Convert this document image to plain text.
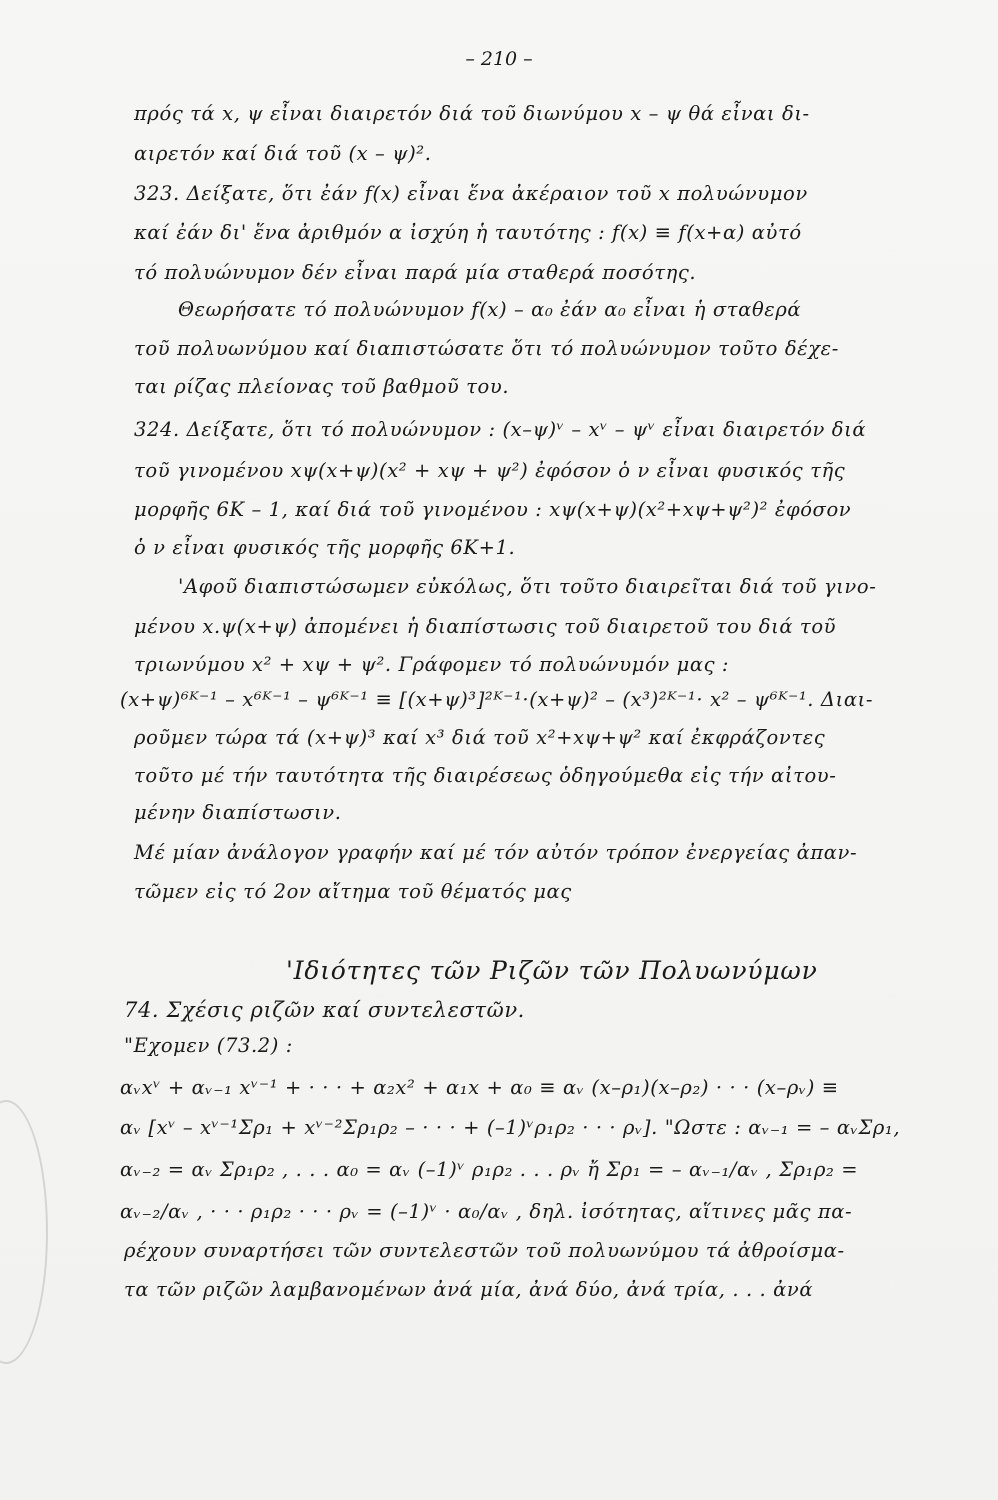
– 210 –
πρός τά x, ψ εἶναι διαιρετόν διά τοῦ διωνύμου x – ψ θά εἶναι δι-
αιρετόν καί διά τοῦ (x – ψ)².
323. Δείξατε, ὅτι ἐάν f(x) εἶναι ἕνα ἀκέραιον τοῦ x πολυώνυμον
καί ἐάν δι' ἕνα ἀριθμόν α ἰσχύη ἡ ταυτότης : f(x) ≡ f(x+α) αὐτό
τό πολυώνυμον δέν εἶναι παρά μία σταθερά ποσότης.
Θεωρήσατε τό πολυώνυμον f(x) – α₀ ἐάν α₀ εἶναι ἡ σταθερά
τοῦ πολυωνύμου καί διαπιστώσατε ὅτι τό πολυώνυμον τοῦτο δέχε-
ται ρίζας πλείονας τοῦ βαθμοῦ του.
324. Δείξατε, ὅτι τό πολυώνυμον : (x–ψ)ᵛ – xᵛ – ψᵛ εἶναι διαιρετόν διά
τοῦ γινομένου xψ(x+ψ)(x² + xψ + ψ²) ἐφόσον ὁ ν εἶναι φυσικός τῆς
μορφῆς 6K – 1, καί διά τοῦ γινομένου : xψ(x+ψ)(x²+xψ+ψ²)² ἐφόσον
ὁ ν εἶναι φυσικός τῆς μορφῆς 6K+1.
'Αφοῦ διαπιστώσωμεν εὐκόλως, ὅτι τοῦτο διαιρεῖται διά τοῦ γινο-
μένου x.ψ(x+ψ) ἀπομένει ἡ διαπίστωσις τοῦ διαιρετοῦ του διά τοῦ
τριωνύμου x² + xψ + ψ². Γράφομεν τό πολυώνυμόν μας :
(x+ψ)⁶ᴷ⁻¹ – x⁶ᴷ⁻¹ – ψ⁶ᴷ⁻¹ ≡ [(x+ψ)³]²ᴷ⁻¹·(x+ψ)² – (x³)²ᴷ⁻¹· x² – ψ⁶ᴷ⁻¹. Διαι-
ροῦμεν τώρα τά (x+ψ)³ καί x³ διά τοῦ x²+xψ+ψ² καί ἐκφράζοντες
τοῦτο μέ τήν ταυτότητα τῆς διαιρέσεως ὁδηγούμεθα εἰς τήν αἰτου-
μένην διαπίστωσιν.
Μέ μίαν ἀνάλογον γραφήν καί μέ τόν αὐτόν τρόπον ἐνεργείας ἀπαν-
τῶμεν εἰς τό 2ον αἴτημα τοῦ θέματός μας
'Ιδιότητες τῶν Ριζῶν τῶν Πολυωνύμων
74. Σχέσις ριζῶν καί συντελεστῶν.
"Εχομεν (73.2) :
αᵥxᵛ + αᵥ₋₁ xᵛ⁻¹ + · · · + α₂x² + α₁x + α₀ ≡ αᵥ (x–ρ₁)(x–ρ₂) · · · (x–ρᵥ) ≡
αᵥ [xᵛ – xᵛ⁻¹Σρ₁ + xᵛ⁻²Σρ₁ρ₂ – · · · + (–1)ᵛρ₁ρ₂ · · · ρᵥ]. "Ωστε : αᵥ₋₁ = – αᵥΣρ₁,
αᵥ₋₂ = αᵥ Σρ₁ρ₂ , . . . α₀ = αᵥ (–1)ᵛ ρ₁ρ₂ . . . ρᵥ ἤ Σρ₁ = – αᵥ₋₁/αᵥ , Σρ₁ρ₂ =
αᵥ₋₂/αᵥ , · · · ρ₁ρ₂ · · · ρᵥ = (–1)ᵛ · α₀/αᵥ , δηλ. ἰσότητας, αἵτινες μᾶς πα-
ρέχουν συναρτήσει τῶν συντελεστῶν τοῦ πολυωνύμου τά ἀθροίσμα-
τα τῶν ριζῶν λαμβανομένων ἀνά μία, ἀνά δύο, ἀνά τρία, . . . ἀνά
